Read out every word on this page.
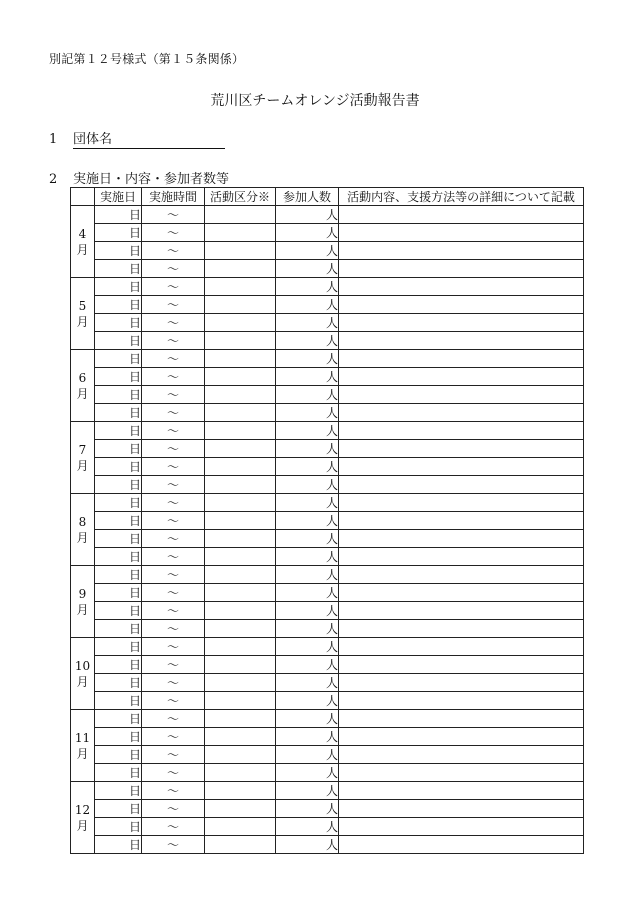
別記第１２号様式（第１５条関係）
荒川区チームオレンジ活動報告書
1	団体名
2	実施日・内容・参加者数等
	実施日	実施時間	活動区分※	参加人数	活動内容、支援方法等の詳細について記載
4
月	日	～		人	
	日	～		人	
	日	～		人	
	日	～		人	
5
月	日	～		人	
	日	～		人	
	日	～		人	
	日	～		人	
6
月	日	～		人	
	日	～		人	
	日	～		人	
	日	～		人	
7
月	日	～		人	
	日	～		人	
	日	～		人	
	日	～		人	
8
月	日	～		人	
	日	～		人	
	日	～		人	
	日	～		人	
9
月	日	～		人	
	日	～		人	
	日	～		人	
	日	～		人	
10
月	日	～		人	
	日	～		人	
	日	～		人	
	日	～		人	
11
月	日	～		人	
	日	～		人	
	日	～		人	
	日	～		人	
12
月	日	～		人	
	日	～		人	
	日	～		人	
	日	～		人	
